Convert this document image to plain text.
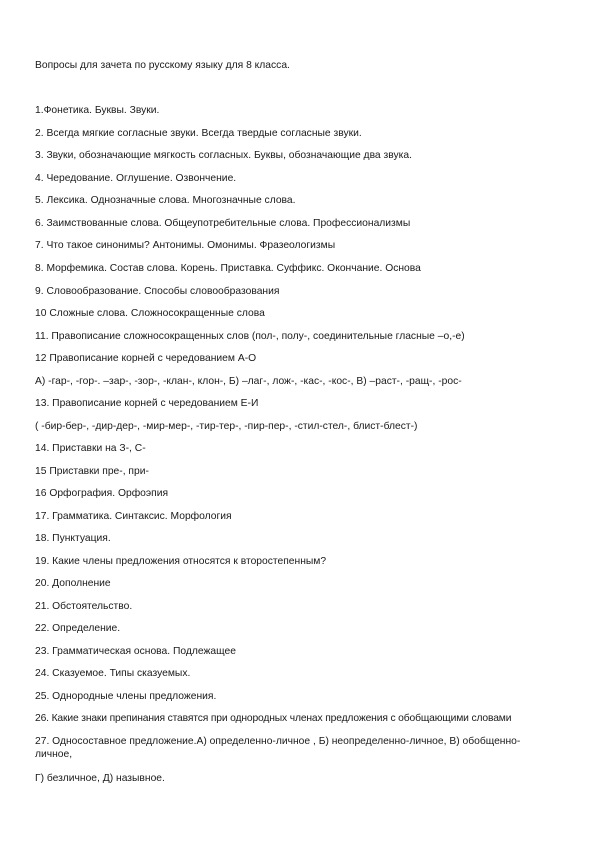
Вопросы для зачета по русскому языку для 8 класса.
1.Фонетика. Буквы. Звуки.
2. Всегда мягкие согласные звуки. Всегда твердые согласные звуки.
3. Звуки, обозначающие мягкость согласных. Буквы, обозначающие два звука.
4. Чередование. Оглушение. Озвончение.
5. Лексика. Однозначные слова. Многозначные слова.
6. Заимствованные слова. Общеупотребительные слова. Профессионализмы
7. Что такое синонимы? Антонимы. Омонимы. Фразеологизмы
8. Морфемика. Состав слова. Корень. Приставка. Суффикс. Окончание. Основа
9. Словообразование. Способы словообразования
10 Сложные слова. Сложносокращенные слова
11. Правописание сложносокращенных слов (пол-, полу-, соединительные гласные –о,-е)
12 Правописание корней с чередованием А-О
А) -гар-, -гор-. –зар-, -зор-, -клан-, клон-, Б) –лаг-, лож-, -кас-, -кос-, В) –раст-, -ращ-, -рос-
13. Правописание корней с чередованием Е-И
( -бир-бер-, -дир-дер-, -мир-мер-, -тир-тер-, -пир-пер-, -стил-стел-, блист-блест-)
14. Приставки на З-, С-
15 Приставки пре-, при-
16 Орфография. Орфоэпия
17. Грамматика. Синтаксис. Морфология
18. Пунктуация.
19. Какие члены предложения относятся к второстепенным?
20. Дополнение
21. Обстоятельство.
22. Определение.
23. Грамматическая основа. Подлежащее
24. Сказуемое. Типы сказуемых.
25. Однородные члены предложения.
26. Какие знаки препинания ставятся при однородных членах предложения с обобщающими словами
27. Односоставное предложение.А) определенно-личное , Б) неопределенно-личное, В) обобщенно-личное,
Г) безличное, Д) назывное.
